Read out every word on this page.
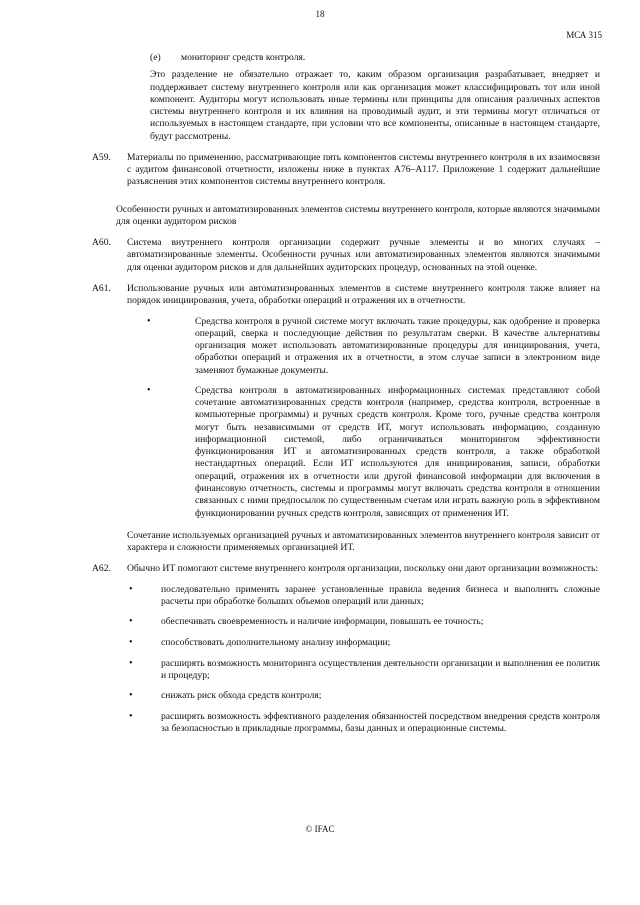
18
МСА 315
(e)	мониторинг средств контроля.

Это разделение не обязательно отражает то, каким образом организация разрабатывает, внедряет и поддерживает систему внутреннего контроля или как организация может классифицировать тот или иной компонент. Аудиторы могут использовать иные термины или принципы для описания различных аспектов системы внутреннего контроля и их влияния на проводимый аудит, и эти термины могут отличаться от используемых в настоящем стандарте, при условии что все компоненты, описанные в настоящем стандарте, будут рассмотрены.

A59.	Материалы по применению, рассматривающие пять компонентов системы внутреннего контроля в их взаимосвязи с аудитом финансовой отчетности, изложены ниже в пунктах A76–A117. Приложение 1 содержит дальнейшие разъяснения этих компонентов системы внутреннего контроля.

Особенности ручных и автоматизированных элементов системы внутреннего контроля, которые являются значимыми для оценки аудитором рисков

A60.	Система внутреннего контроля организации содержит ручные элементы и во многих случаях – автоматизированные элементы. Особенности ручных или автоматизированных элементов являются значимыми для оценки аудитором рисков и для дальнейших аудиторских процедур, основанных на этой оценке.

A61.	Использование ручных или автоматизированных элементов в системе внутреннего контроля также влияет на порядок инициирования, учета, обработки операций и отражения их в отчетности.

•	Средства контроля в ручной системе могут включать такие процедуры, как одобрение и проверка операций, сверка и последующие действия по результатам сверки. В качестве альтернативы организация может использовать автоматизированные процедуры для инициирования, учета, обработки операций и отражения их в отчетности, в этом случае записи в электронном виде заменяют бумажные документы.

•	Средства контроля в автоматизированных информационных системах представляют собой сочетание автоматизированных средств контроля (например, средства контроля, встроенные в компьютерные программы) и ручных средств контроля. Кроме того, ручные средства контроля могут быть независимыми от средств ИТ, могут использовать информацию, созданную информационной системой, либо ограничиваться мониторингом эффективности функционирования ИТ и автоматизированных средств контроля, а также обработкой нестандартных операций. Если ИТ используются для инициирования, записи, обработки операций, отражения их в отчетности или другой финансовой информации для включения в финансовую отчетность, системы и программы могут включать средства контроля в отношении связанных с ними предпосылок по существенным счетам или играть важную роль в эффективном функционировании ручных средств контроля, зависящих от применения ИТ.

Сочетание используемых организацией ручных и автоматизированных элементов внутреннего контроля зависит от характера и сложности применяемых организацией ИТ.

A62.	Обычно ИТ помогают системе внутреннего контроля организации, поскольку они дают организации возможность:

•	последовательно применять заранее установленные правила ведения бизнеса и выполнять сложные расчеты при обработке больших объемов операций или данных;

•	обеспечивать своевременность и наличие информации, повышать ее точность;

•	способствовать дополнительному анализу информации;

•	расширять возможность мониторинга осуществления деятельности организации и выполнения ее политик и процедур;

•	снижать риск обхода средств контроля;

•	расширять возможность эффективного разделения обязанностей посредством внедрения средств контроля за безопасностью в прикладные программы, базы данных и операционные системы.

© IFAC
